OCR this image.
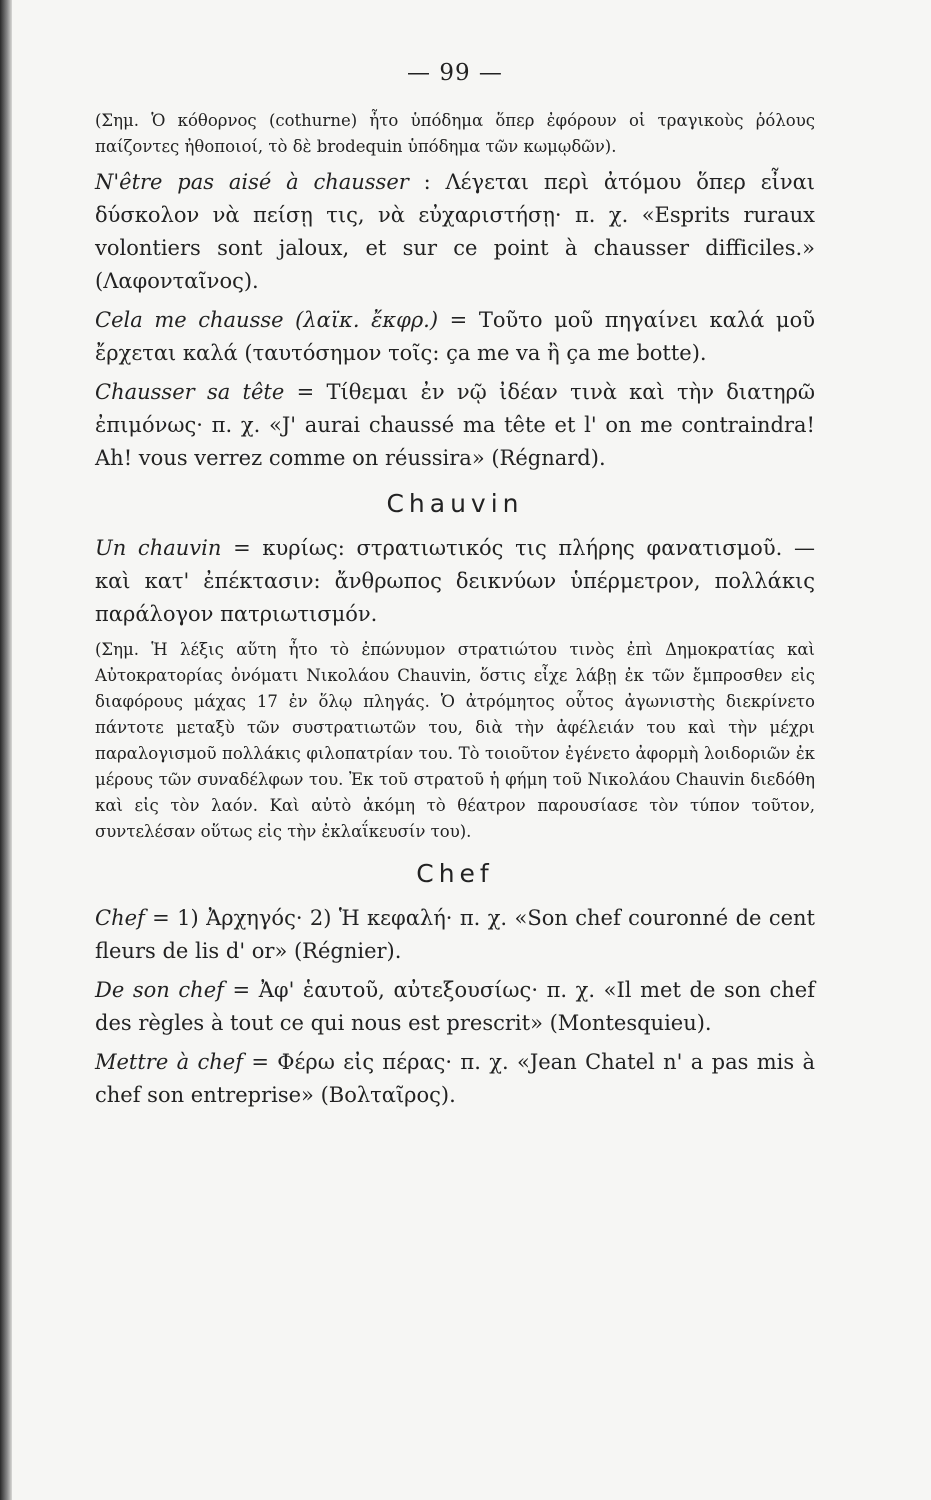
— 99 —

(Σημ. Ὁ κόθορνος (cothurne) ἦτο ὑπόδημα ὅπερ ἐφόρουν οἱ τραγικοὺς ῥόλους παίζοντες ἠθοποιοί, τὸ δὲ brodequin ὑπόδημα τῶν κωμῳδῶν).

N'être pas aisé à chausser : Λέγεται περὶ ἀτόμου ὅπερ εἶναι δύσκολον νὰ πείσῃ τις, νὰ εὐχαριστήσῃ· π. χ. «Esprits ruraux volontiers sont jaloux, et sur ce point à chausser difficiles.» (Λαφονταῖνος).

Cela me chausse (λαϊκ. ἔκφρ.) = Τοῦτο μοῦ πηγαίνει καλά μοῦ ἔρχεται καλά (ταυτόσημον τοῖς: ça me va ἢ ça me botte).

Chausser sa tête = Τίθεμαι ἐν νῷ ἰδέαν τινὰ καὶ τὴν διατηρῶ ἐπιμόνως· π. χ. «J' aurai chaussé ma tête et l' on me contraindra! Ah! vous verrez comme on réussira» (Régnard).

Chauvin

Un chauvin = κυρίως: στρατιωτικός τις πλήρης φανατισμοῦ. — καὶ κατ' ἐπέκτασιν: ἄνθρωπος δεικνύων ὑπέρμετρον, πολλάκις παράλογον πατριωτισμόν.

(Σημ. Ἡ λέξις αὕτη ἦτο τὸ ἐπώνυμον στρατιώτου τινὸς ἐπὶ Δημοκρατίας καὶ Αὐτοκρατορίας ὀνόματι Νικολάου Chauvin, ὅστις εἶχε λάβῃ ἐκ τῶν ἔμπροσθεν εἰς διαφόρους μάχας 17 ἐν ὅλῳ πληγάς. Ὁ ἀτρόμητος οὗτος ἀγωνιστὴς διεκρίνετο πάντοτε μεταξὺ τῶν συστρατιωτῶν του, διὰ τὴν ἀφέλειάν του καὶ τὴν μέχρι παραλογισμοῦ πολλάκις φιλοπατρίαν του. Τὸ τοιοῦτον ἐγένετο ἀφορμὴ λοιδοριῶν ἐκ μέρους τῶν συναδέλφων του. Ἐκ τοῦ στρατοῦ ἡ φήμη τοῦ Νικολάου Chauvin διεδόθη καὶ εἰς τὸν λαόν. Καὶ αὐτὸ ἀκόμη τὸ θέατρον παρουσίασε τὸν τύπον τοῦτον, συντελέσαν οὕτως εἰς τὴν ἐκλαΐκευσίν του).

Chef

Chef = 1) Ἀρχηγός· 2) Ἡ κεφαλή· π. χ. «Son chef couronné de cent fleurs de lis d' or» (Régnier).

De son chef = Ἀφ' ἑαυτοῦ, αὐτεξουσίως· π. χ. «Il met de son chef des règles à tout ce qui nous est prescrit» (Montesquieu).

Mettre à chef = Φέρω εἰς πέρας· π. χ. «Jean Chatel n' a pas mis à chef son entreprise» (Βολταῖρος).
